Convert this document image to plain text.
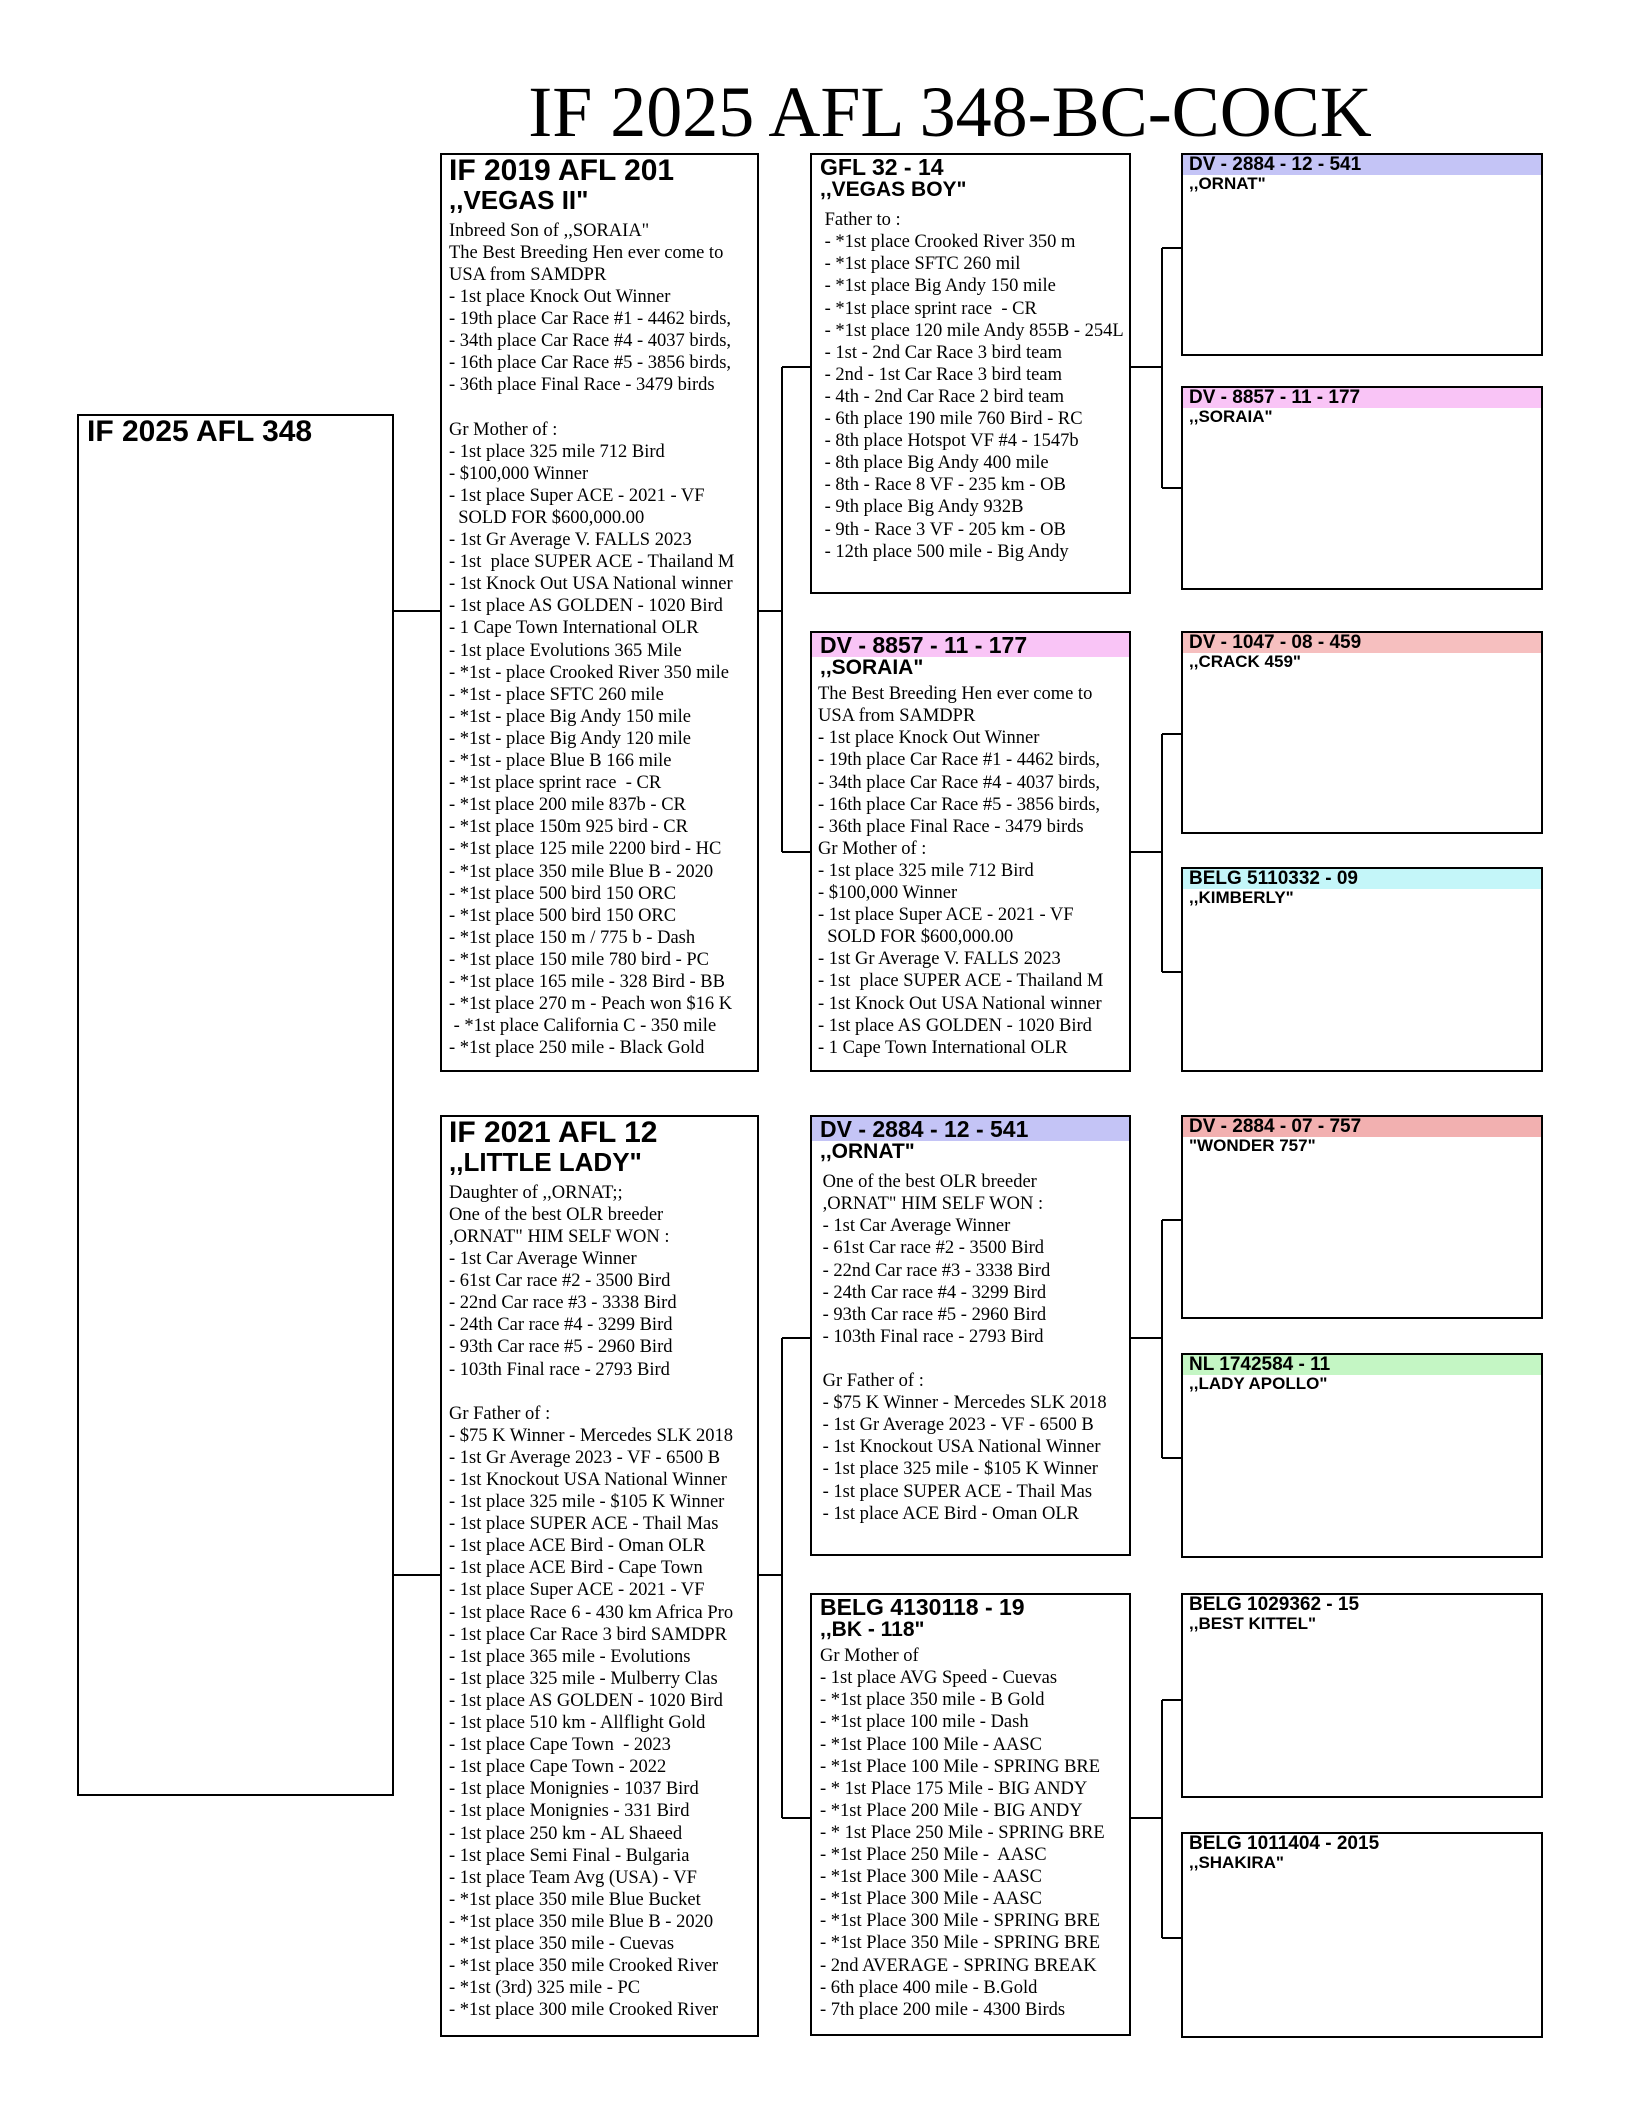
IF 2025 AFL 348-BC-COCK
IF 2025 AFL 348
IF 2019 AFL 201
,,VEGAS II"
Inbreed Son of ,,SORAIA"
The Best Breeding Hen ever come to
USA from SAMDPR
- 1st place Knock Out Winner
- 19th place Car Race #1 - 4462 birds,
- 34th place Car Race #4 - 4037 birds,
- 16th place Car Race #5 - 3856 birds,
- 36th place Final Race - 3479 birds
Gr Mother of :
- 1st place 325 mile 712 Bird
- $100,000 Winner
- 1st place Super ACE - 2021 - VF
SOLD FOR $600,000.00
- 1st Gr Average V. FALLS 2023
- 1st  place SUPER ACE - Thailand M
- 1st Knock Out USA National winner
- 1st place AS GOLDEN - 1020 Bird
- 1 Cape Town International OLR
- 1st place Evolutions 365 Mile
- *1st - place Crooked River 350 mile
- *1st - place SFTC 260 mile
- *1st - place Big Andy 150 mile
- *1st - place Big Andy 120 mile
- *1st - place Blue B 166 mile
- *1st place sprint race  - CR
- *1st place 200 mile 837b - CR
- *1st place 150m 925 bird - CR
- *1st place 125 mile 2200 bird - HC
- *1st place 350 mile Blue B - 2020
- *1st place 500 bird 150 ORC
- *1st place 500 bird 150 ORC
- *1st place 150 m / 775 b - Dash
- *1st place 150 mile 780 bird - PC
- *1st place 165 mile - 328 Bird - BB
- *1st place 270 m - Peach won $16 K
- *1st place California C - 350 mile
- *1st place 250 mile - Black Gold
IF 2021 AFL 12
,,LITTLE LADY"
Daughter of ,,ORNAT;;
One of the best OLR breeder
,ORNAT" HIM SELF WON :
- 1st Car Average Winner
- 61st Car race #2 - 3500 Bird
- 22nd Car race #3 - 3338 Bird
- 24th Car race #4 - 3299 Bird
- 93th Car race #5 - 2960 Bird
- 103th Final race - 2793 Bird
Gr Father of :
- $75 K Winner - Mercedes SLK 2018
- 1st Gr Average 2023 - VF - 6500 B
- 1st Knockout USA National Winner
- 1st place 325 mile - $105 K Winner
- 1st place SUPER ACE - Thail Mas
- 1st place ACE Bird - Oman OLR
- 1st place ACE Bird - Cape Town
- 1st place Super ACE - 2021 - VF
- 1st place Race 6 - 430 km Africa Pro
- 1st place Car Race 3 bird SAMDPR
- 1st place 365 mile - Evolutions
- 1st place 325 mile - Mulberry Clas
- 1st place AS GOLDEN - 1020 Bird
- 1st place 510 km - Allflight Gold
- 1st place Cape Town  - 2023
- 1st place Cape Town - 2022
- 1st place Monignies - 1037 Bird
- 1st place Monignies - 331 Bird
- 1st place 250 km - AL Shaeed
- 1st place Semi Final - Bulgaria
- 1st place Team Avg (USA) - VF
- *1st place 350 mile Blue Bucket
- *1st place 350 mile Blue B - 2020
- *1st place 350 mile - Cuevas
- *1st place 350 mile Crooked River
- *1st (3rd) 325 mile - PC
- *1st place 300 mile Crooked River
GFL 32 - 14
,,VEGAS BOY"
Father to :
- *1st place Crooked River 350 m
- *1st place SFTC 260 mil
- *1st place Big Andy 150 mile
- *1st place sprint race  - CR
- *1st place 120 mile Andy 855B - 254L
- 1st - 2nd Car Race 3 bird team
- 2nd - 1st Car Race 3 bird team
- 4th - 2nd Car Race 2 bird team
- 6th place 190 mile 760 Bird - RC
- 8th place Hotspot VF #4 - 1547b
- 8th place Big Andy 400 mile
- 8th - Race 8 VF - 235 km - OB
- 9th place Big Andy 932B
- 9th - Race 3 VF - 205 km - OB
- 12th place 500 mile - Big Andy
DV - 8857 - 11 - 177
,,SORAIA"
The Best Breeding Hen ever come to
USA from SAMDPR
- 1st place Knock Out Winner
- 19th place Car Race #1 - 4462 birds,
- 34th place Car Race #4 - 4037 birds,
- 16th place Car Race #5 - 3856 birds,
- 36th place Final Race - 3479 birds
Gr Mother of :
- 1st place 325 mile 712 Bird
- $100,000 Winner
- 1st place Super ACE - 2021 - VF
SOLD FOR $600,000.00
- 1st Gr Average V. FALLS 2023
- 1st  place SUPER ACE - Thailand M
- 1st Knock Out USA National winner
- 1st place AS GOLDEN - 1020 Bird
- 1 Cape Town International OLR
DV - 2884 - 12 - 541
,,ORNAT"
One of the best OLR breeder
,ORNAT" HIM SELF WON :
- 1st Car Average Winner
- 61st Car race #2 - 3500 Bird
- 22nd Car race #3 - 3338 Bird
- 24th Car race #4 - 3299 Bird
- 93th Car race #5 - 2960 Bird
- 103th Final race - 2793 Bird
Gr Father of :
- $75 K Winner - Mercedes SLK 2018
- 1st Gr Average 2023 - VF - 6500 B
- 1st Knockout USA National Winner
- 1st place 325 mile - $105 K Winner
- 1st place SUPER ACE - Thail Mas
- 1st place ACE Bird - Oman OLR
BELG 4130118 - 19
,,BK - 118"
Gr Mother of
- 1st place AVG Speed - Cuevas
- *1st place 350 mile - B Gold
- *1st place 100 mile - Dash
- *1st Place 100 Mile - AASC
- *1st Place 100 Mile - SPRING BRE
- * 1st Place 175 Mile - BIG ANDY
- *1st Place 200 Mile - BIG ANDY
- * 1st Place 250 Mile - SPRING BRE
- *1st Place 250 Mile -  AASC
- *1st Place 300 Mile - AASC
- *1st Place 300 Mile - AASC
- *1st Place 300 Mile - SPRING BRE
- *1st Place 350 Mile - SPRING BRE
- 2nd AVERAGE - SPRING BREAK
- 6th place 400 mile - B.Gold
- 7th place 200 mile - 4300 Birds
DV - 2884 - 12 - 541
,,ORNAT"
DV - 8857 - 11 - 177
,,SORAIA"
DV - 1047 - 08 - 459
,,CRACK 459"
BELG 5110332 - 09
,,KIMBERLY"
DV - 2884 - 07 - 757
"WONDER 757"
NL 1742584 - 11
,,LADY APOLLO"
BELG 1029362 - 15
,,BEST KITTEL"
BELG 1011404 - 2015
,,SHAKIRA"
